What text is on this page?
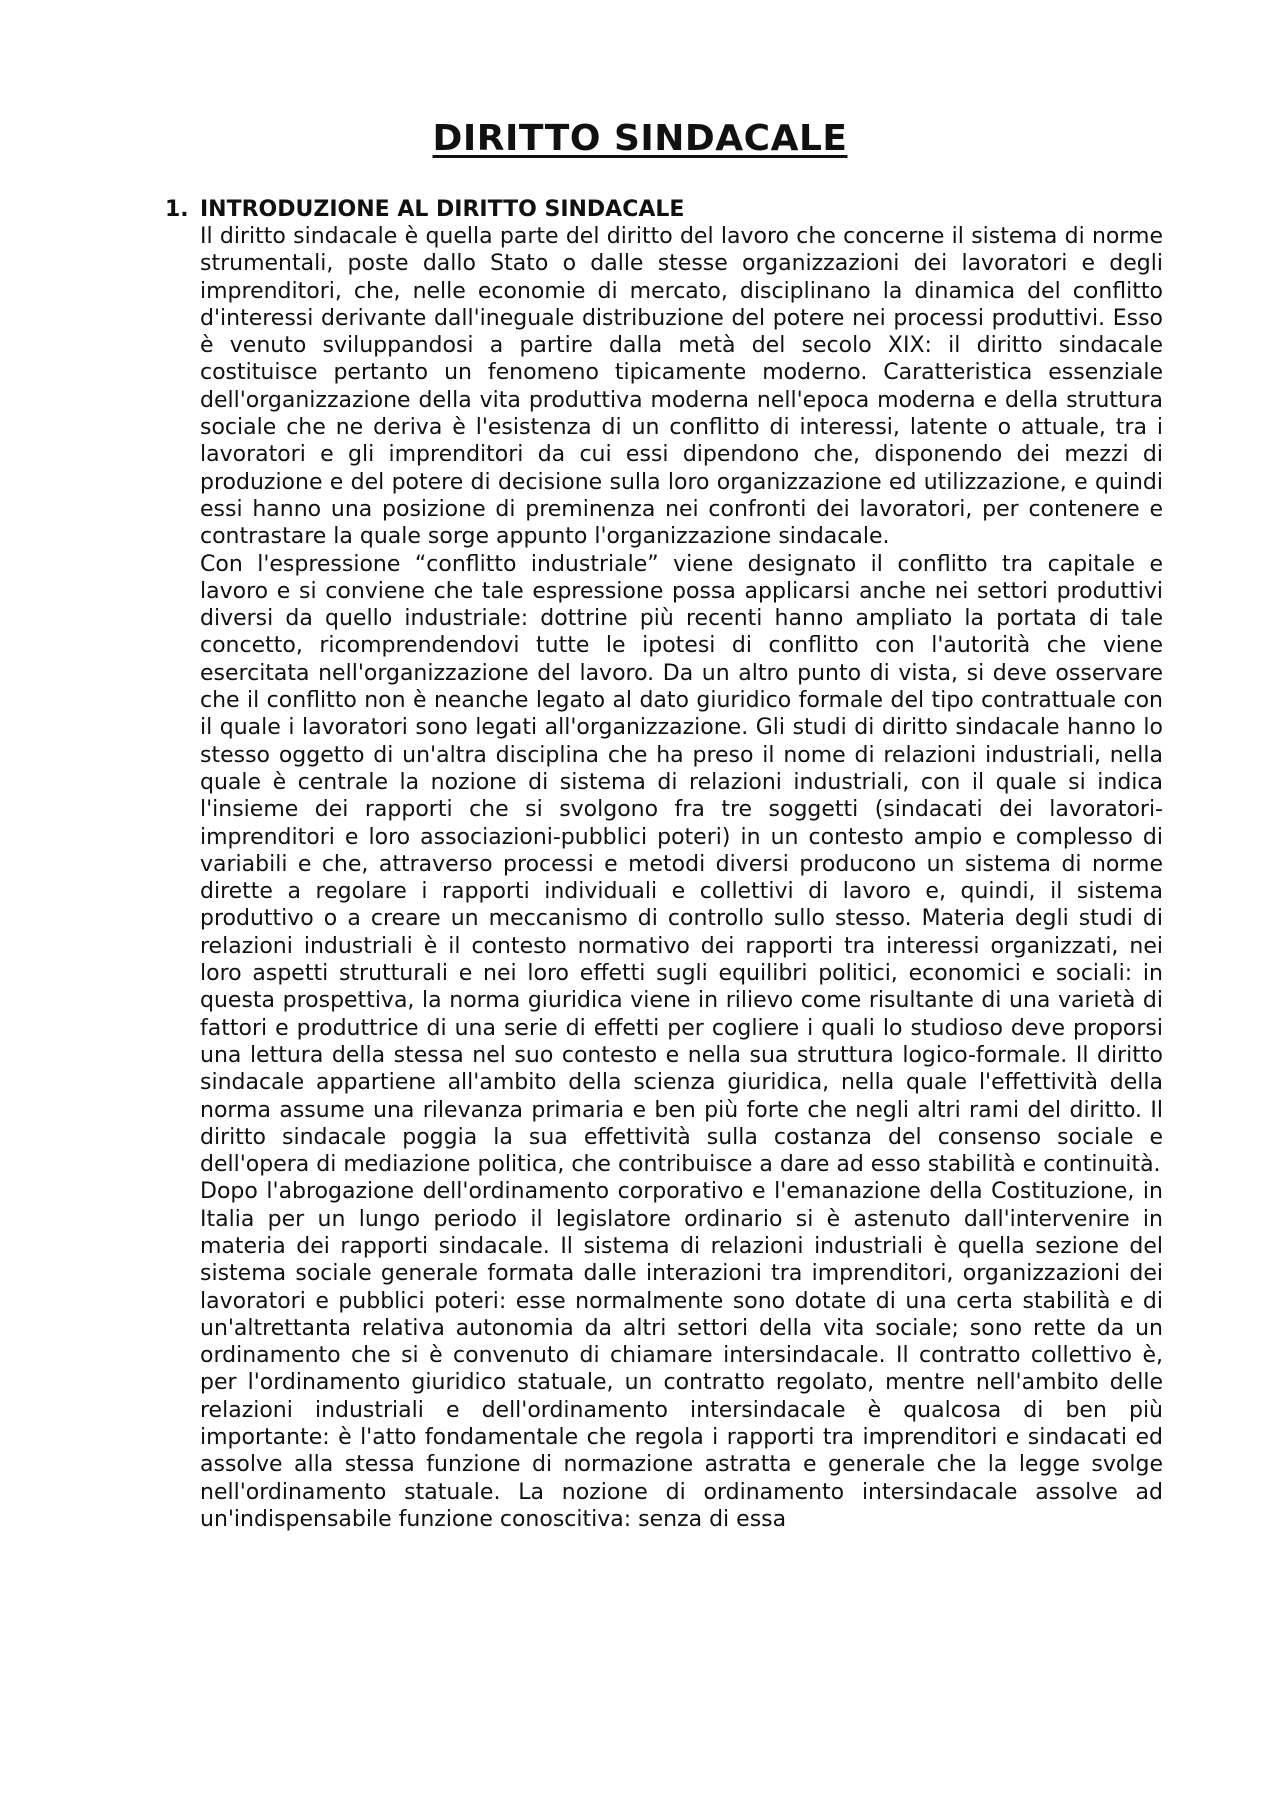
DIRITTO SINDACALE
1. INTRODUZIONE AL DIRITTO SINDACALE

Il diritto sindacale è quella parte del diritto del lavoro che concerne il sistema di norme strumentali, poste dallo Stato o dalle stesse organizzazioni dei lavoratori e degli imprenditori, che, nelle economie di mercato, disciplinano la dinamica del conflitto d'interessi derivante dall'ineguale distribuzione del potere nei processi produttivi. Esso è venuto sviluppandosi a partire dalla metà del secolo XIX: il diritto sindacale costituisce pertanto un fenomeno tipicamente moderno. Caratteristica essenziale dell'organizzazione della vita produttiva moderna nell'epoca moderna e della struttura sociale che ne deriva è l'esistenza di un conflitto di interessi, latente o attuale, tra i lavoratori e gli imprenditori da cui essi dipendono che, disponendo dei mezzi di produzione e del potere di decisione sulla loro organizzazione ed utilizzazione, e quindi essi hanno una posizione di preminenza nei confronti dei lavoratori, per contenere e contrastare la quale sorge appunto l'organizzazione sindacale.

Con l'espressione “conflitto industriale” viene designato il conflitto tra capitale e lavoro e si conviene che tale espressione possa applicarsi anche nei settori produttivi diversi da quello industriale: dottrine più recenti hanno ampliato la portata di tale concetto, ricomprendendovi tutte le ipotesi di conflitto con l'autorità che viene esercitata nell'organizzazione del lavoro. Da un altro punto di vista, si deve osservare che il conflitto non è neanche legato al dato giuridico formale del tipo contrattuale con il quale i lavoratori sono legati all'organizzazione. Gli studi di diritto sindacale hanno lo stesso oggetto di un'altra disciplina che ha preso il nome di relazioni industriali, nella quale è centrale la nozione di sistema di relazioni industriali, con il quale si indica l'insieme dei rapporti che si svolgono fra tre soggetti (sindacati dei lavoratori-imprenditori e loro associazioni-pubblici poteri) in un contesto ampio e complesso di variabili e che, attraverso processi e metodi diversi producono un sistema di norme dirette a regolare i rapporti individuali e collettivi di lavoro e, quindi, il sistema produttivo o a creare un meccanismo di controllo sullo stesso. Materia degli studi di relazioni industriali è il contesto normativo dei rapporti tra interessi organizzati, nei loro aspetti strutturali e nei loro effetti sugli equilibri politici, economici e sociali: in questa prospettiva, la norma giuridica viene in rilievo come risultante di una varietà di fattori e produttrice di una serie di effetti per cogliere i quali lo studioso deve proporsi una lettura della stessa nel suo contesto e nella sua struttura logico-formale. Il diritto sindacale appartiene all'ambito della scienza giuridica, nella quale l'effettività della norma assume una rilevanza primaria e ben più forte che negli altri rami del diritto. Il diritto sindacale poggia la sua effettività sulla costanza del consenso sociale e dell'opera di mediazione politica, che contribuisce a dare ad esso stabilità e continuità.

Dopo l'abrogazione dell'ordinamento corporativo e l'emanazione della Costituzione, in Italia per un lungo periodo il legislatore ordinario si è astenuto dall'intervenire in materia dei rapporti sindacale. Il sistema di relazioni industriali è quella sezione del sistema sociale generale formata dalle interazioni tra imprenditori, organizzazioni dei lavoratori e pubblici poteri: esse normalmente sono dotate di una certa stabilità e di un'altrettanta relativa autonomia da altri settori della vita sociale; sono rette da un ordinamento che si è convenuto di chiamare intersindacale. Il contratto collettivo è, per l'ordinamento giuridico statuale, un contratto regolato, mentre nell'ambito delle relazioni industriali e dell'ordinamento intersindacale è qualcosa di ben più importante: è l'atto fondamentale che regola i rapporti tra imprenditori e sindacati ed assolve alla stessa funzione di normazione astratta e generale che la legge svolge nell'ordinamento statuale. La nozione di ordinamento intersindacale assolve ad un'indispensabile funzione conoscitiva: senza di essa
